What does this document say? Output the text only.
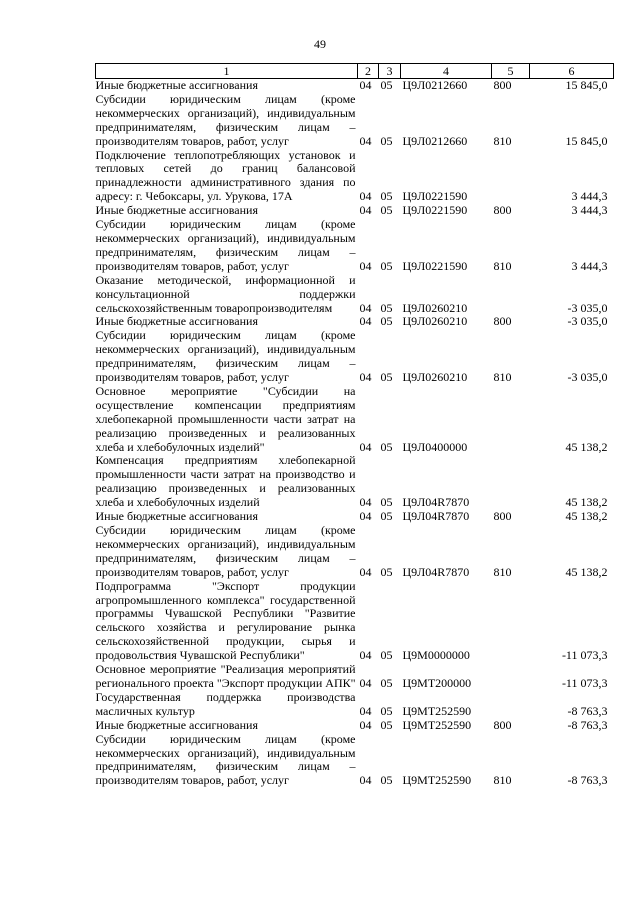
49
1	2	3	4	5	6
Иные бюджетные ассигнования	04	05	Ц9Л0212660	800	15 845,0
Субсидии юридическим лицам (кроме некоммерческих организаций), индивидуальным предпринимателям, физическим лицам – производителям товаров, работ, услуг	04	05	Ц9Л0212660	810	15 845,0
Подключение теплопотребляющих установок и тепловых сетей до границ балансовой принадлежности административного здания по адресу: г. Чебоксары, ул. Урукова, 17А	04	05	Ц9Л0221590		3 444,3
Иные бюджетные ассигнования	04	05	Ц9Л0221590	800	3 444,3
Субсидии юридическим лицам (кроме некоммерческих организаций), индивидуальным предпринимателям, физическим лицам – производителям товаров, работ, услуг	04	05	Ц9Л0221590	810	3 444,3
Оказание методической, информационной и консультационной поддержки сельскохозяйственным товаропроизводителям	04	05	Ц9Л0260210		-3 035,0
Иные бюджетные ассигнования	04	05	Ц9Л0260210	800	-3 035,0
Субсидии юридическим лицам (кроме некоммерческих организаций), индивидуальным предпринимателям, физическим лицам – производителям товаров, работ, услуг	04	05	Ц9Л0260210	810	-3 035,0
Основное мероприятие "Субсидии на осуществление компенсации предприятиям хлебопекарной промышленности части затрат на реализацию произведенных и реализованных хлеба и хлебобулочных изделий"	04	05	Ц9Л0400000		45 138,2
Компенсация предприятиям хлебопекарной промышленности части затрат на производство и реализацию произведенных и реализованных хлеба и хлебобулочных изделий	04	05	Ц9Л04R7870		45 138,2
Иные бюджетные ассигнования	04	05	Ц9Л04R7870	800	45 138,2
Субсидии юридическим лицам (кроме некоммерческих организаций), индивидуальным предпринимателям, физическим лицам – производителям товаров, работ, услуг	04	05	Ц9Л04R7870	810	45 138,2
Подпрограмма "Экспорт продукции агропромышленного комплекса" государственной программы Чувашской Республики "Развитие сельского хозяйства и регулирование рынка сельскохозяйственной продукции, сырья и продовольствия Чувашской Республики"	04	05	Ц9М0000000		-11 073,3
Основное мероприятие "Реализация мероприятий регионального проекта "Экспорт продукции АПК"	04	05	Ц9МТ200000		-11 073,3
Государственная поддержка производства масличных культур	04	05	Ц9МТ252590		-8 763,3
Иные бюджетные ассигнования	04	05	Ц9МТ252590	800	-8 763,3
Субсидии юридическим лицам (кроме некоммерческих организаций), индивидуальным предпринимателям, физическим лицам – производителям товаров, работ, услуг	04	05	Ц9МТ252590	810	-8 763,3
